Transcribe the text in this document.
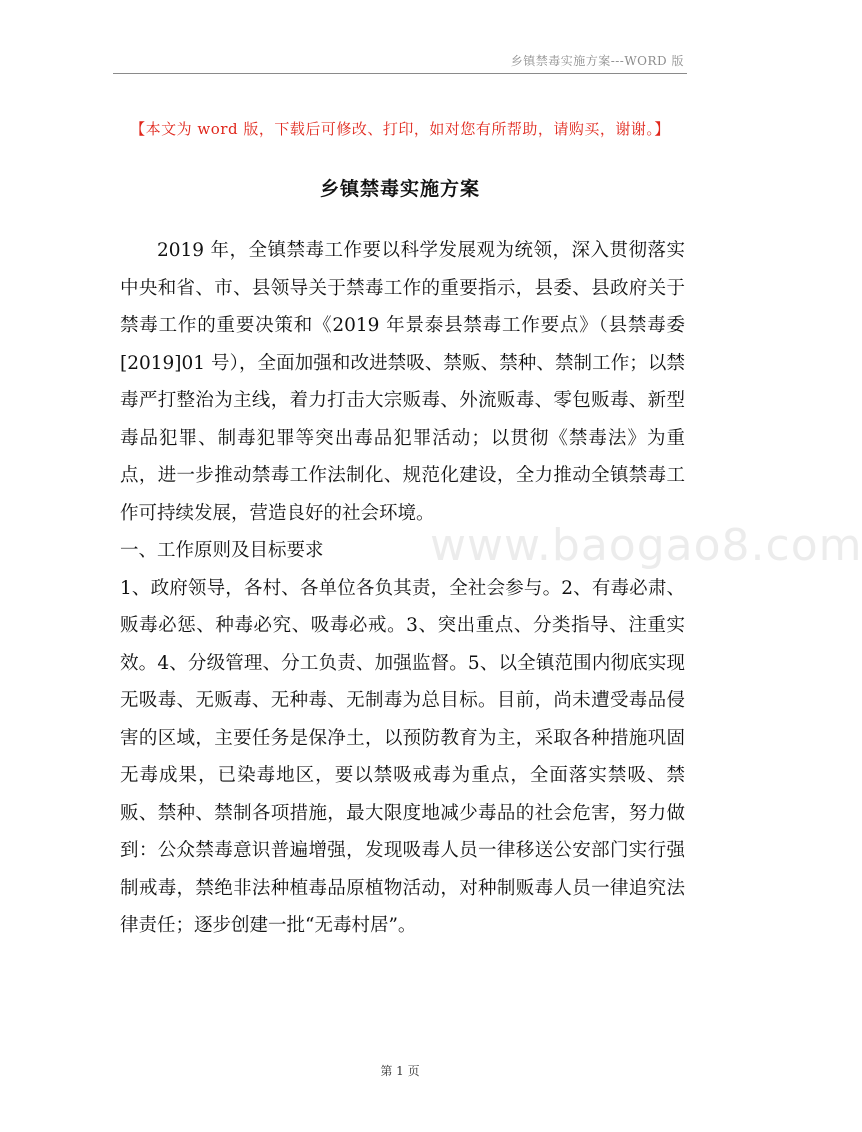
乡镇禁毒实施方案---WORD 版
【本文为 word 版，下载后可修改、打印，如对您有所帮助，请购买，谢谢。】
乡镇禁毒实施方案

2019 年，全镇禁毒工作要以科学发展观为统领，深入贯彻落实中央和省、市、县领导关于禁毒工作的重要指示，县委、县政府关于禁毒工作的重要决策和《2019 年景泰县禁毒工作要点》（县禁毒委[2019]01 号），全面加强和改进禁吸、禁贩、禁种、禁制工作；以禁毒严打整治为主线，着力打击大宗贩毒、外流贩毒、零包贩毒、新型毒品犯罪、制毒犯罪等突出毒品犯罪活动；以贯彻《禁毒法》为重点，进一步推动禁毒工作法制化、规范化建设，全力推动全镇禁毒工作可持续发展，营造良好的社会环境。

一、工作原则及目标要求

1、政府领导，各村、各单位各负其责，全社会参与。2、有毒必肃、贩毒必惩、种毒必究、吸毒必戒。3、突出重点、分类指导、注重实效。4、分级管理、分工负责、加强监督。5、以全镇范围内彻底实现无吸毒、无贩毒、无种毒、无制毒为总目标。目前，尚未遭受毒品侵害的区域，主要任务是保净土，以预防教育为主，采取各种措施巩固无毒成果，已染毒地区，要以禁吸戒毒为重点，全面落实禁吸、禁贩、禁种、禁制各项措施，最大限度地减少毒品的社会危害，努力做到：公众禁毒意识普遍增强，发现吸毒人员一律移送公安部门实行强制戒毒，禁绝非法种植毒品原植物活动，对种制贩毒人员一律追究法律责任；逐步创建一批“无毒村居”。

www.baogao8.com
第 1 页
